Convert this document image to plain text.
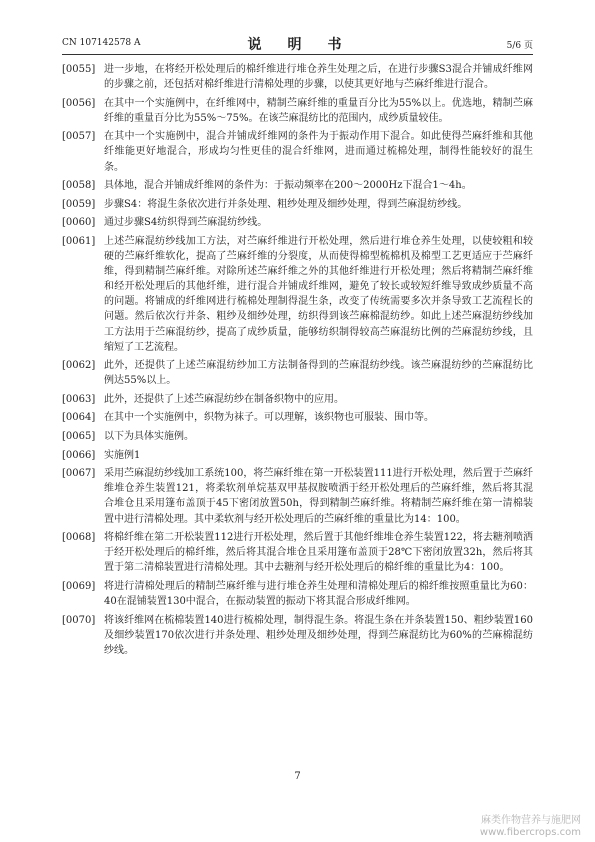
CN 107142578 A	说　明　书	5/6 页
[0055] 进一步地，在将经开松处理后的棉纤维进行堆仓养生处理之后，在进行步骤S3混合并铺成纤维网的步骤之前，还包括对棉纤维进行清棉处理的步骤，以使其更好地与苎麻纤维进行混合。
[0056] 在其中一个实施例中，在纤维网中，精制苎麻纤维的重量百分比为55%以上。优选地，精制苎麻纤维的重量百分比为55%～75%。在该苎麻混纺比的范围内，成纱质量较佳。
[0057] 在其中一个实施例中，混合并铺成纤维网的条件为于振动作用下混合。如此使得苎麻纤维和其他纤维能更好地混合，形成均匀性更佳的混合纤维网，进而通过梳棉处理，制得性能较好的混生条。
[0058] 具体地，混合并铺成纤维网的条件为：于振动频率在200～2000Hz下混合1～4h。
[0059] 步骤S4：将混生条依次进行并条处理、粗纱处理及细纱处理，得到苎麻混纺纱线。
[0060] 通过步骤S4纺织得到苎麻混纺纱线。
[0061] 上述苎麻混纺纱线加工方法，对苎麻纤维进行开松处理，然后进行堆仓养生处理，以使较粗和较硬的苎麻纤维软化，提高了苎麻纤维的分裂度，从而使得棉型梳棉机及棉型工艺更适应于苎麻纤维，得到精制苎麻纤维。对除所述苎麻纤维之外的其他纤维进行开松处理；然后将精制苎麻纤维和经开松处理后的其他纤维，进行混合并铺成纤维网，避免了较长或较短纤维导致成纱质量不高的问题。将铺成的纤维网进行梳棉处理制得混生条，改变了传统需要多次并条导致工艺流程长的问题。然后依次行并条、粗纱及细纱处理，纺织得到该苎麻棉混纺纱。如此上述苎麻混纺纱线加工方法用于苎麻混纺纱，提高了成纱质量，能够纺织制得较高苎麻混纺比例的苎麻混纺纱线，且缩短了工艺流程。
[0062] 此外，还提供了上述苎麻混纺纱加工方法制备得到的苎麻混纺纱线。该苎麻混纺纱的苎麻混纺比例达55%以上。
[0063] 此外，还提供了上述苎麻混纺纱在制备织物中的应用。
[0064] 在其中一个实施例中，织物为袜子。可以理解，该织物也可服装、围巾等。
[0065] 以下为具体实施例。
[0066] 实施例1
[0067] 采用苎麻混纺纱线加工系统100，将苎麻纤维在第一开松装置111进行开松处理，然后置于苎麻纤维堆仓养生装置121，将柔软剂单烷基双甲基叔胺喷洒于经开松处理后的苎麻纤维，然后将其混合堆仓且采用篷布盖顶于45下密闭放置50h，得到精制苎麻纤维。将精制苎麻纤维在第一清棉装置中进行清棉处理。其中柔软剂与经开松处理后的苎麻纤维的重量比为14：100。
[0068] 将棉纤维在第二开松装置112进行开松处理，然后置于其他纤维堆仓养生装置122，将去糖剂喷洒于经开松处理后的棉纤维，然后将其混合堆仓且采用篷布盖顶于28℃下密闭放置32h，然后将其置于第二清棉装置进行清棉处理。其中去糖剂与经开松处理后的棉纤维的重量比为4：100。
[0069] 将进行清棉处理后的精制苎麻纤维与进行堆仓养生处理和清棉处理后的棉纤维按照重量比为60：40在混铺装置130中混合，在振动装置的振动下将其混合形成纤维网。
[0070] 将该纤维网在梳棉装置140进行梳棉处理，制得混生条。将混生条在并条装置150、粗纱装置160及细纱装置170依次进行并条处理、粗纱处理及细纱处理，得到苎麻混纺比为60%的苎麻棉混纺纱线。
7
麻类作物营养与施肥网
www.fibercrops.com
